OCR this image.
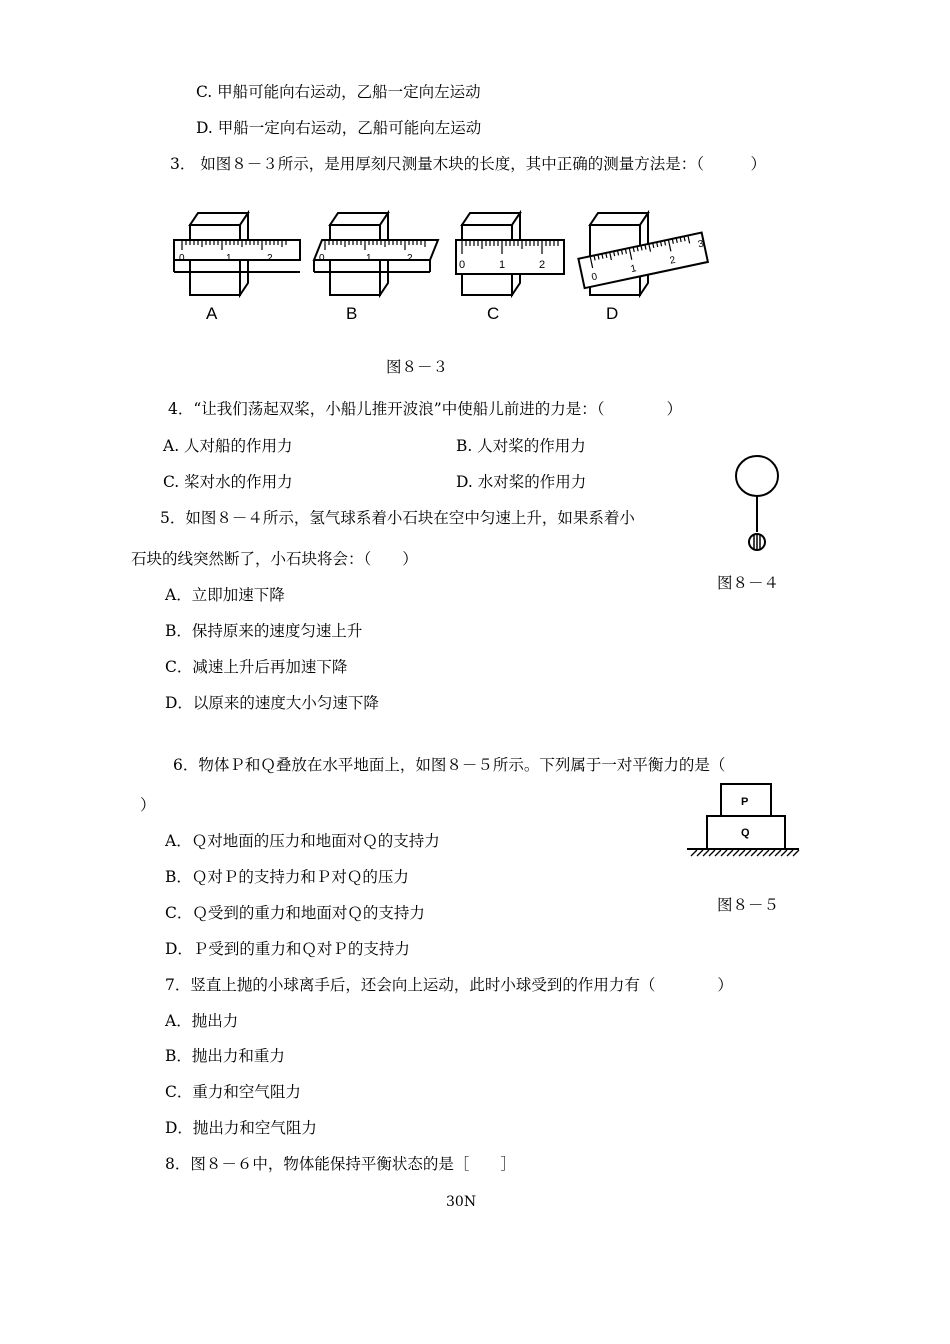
C. 甲船可能向右运动，乙船一定向左运动
D. 甲船一定向右运动，乙船可能向左运动
3． 如图８－３所示，是用厚刻尺测量木块的长度，其中正确的测量方法是：（　　　）
0	1	2
A
0	1	2
B
0	1	2
C
0
1
2
3
D
图８－３
4．“让我们荡起双桨，小船儿推开波浪”中使船儿前进的力是：（　　　　）
A. 人对船的作用力	B. 人对桨的作用力
C. 桨对水的作用力	D. 水对桨的作用力
5．如图８－４所示，氢气球系着小石块在空中匀速上升，如果系着小
石块的线突然断了，小石块将会：（　　）
图８－４
A．立即加速下降
B．保持原来的速度匀速上升
C．减速上升后再加速下降
D．以原来的速度大小匀速下降
6．物体Ｐ和Ｑ叠放在水平地面上，如图８－５所示。下列属于一对平衡力的是（
）	P
Q
A．Ｑ对地面的压力和地面对Ｑ的支持力
B．Ｑ对Ｐ的支持力和Ｐ对Ｑ的压力
图８－５
C．Ｑ受到的重力和地面对Ｑ的支持力
D．Ｐ受到的重力和Ｑ对Ｐ的支持力
7．竖直上抛的小球离手后，还会向上运动，此时小球受到的作用力有（　　　　）
A．抛出力
B．抛出力和重力
C．重力和空气阻力
D．抛出力和空气阻力
8．图８－６中，物体能保持平衡状态的是［　　］
30N
